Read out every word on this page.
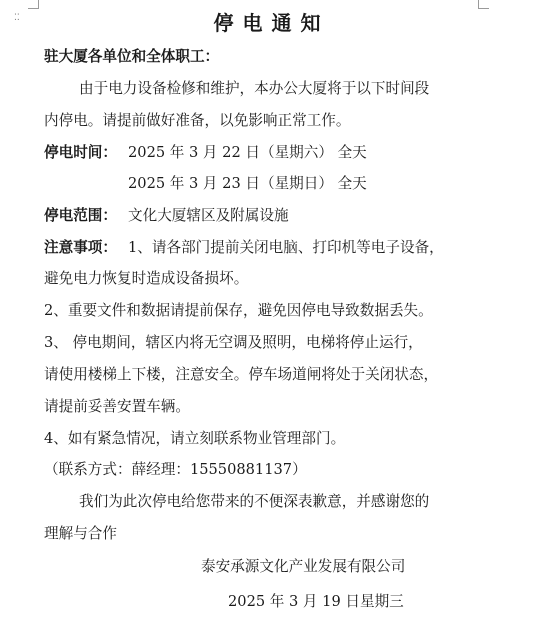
⁚⁚	停电通知
驻大厦各单位和全体职工：
由于电力设备检修和维护，本办公大厦将于以下时间段
内停电。请提前做好准备，以免影响正常工作。
停电时间： 2025 年 3 月 22 日（星期六） 全天
2025 年 3 月 23 日（星期日） 全天
停电范围： 文化大厦辖区及附属设施
注意事项： 1、请各部门提前关闭电脑、打印机等电子设备，
避免电力恢复时造成设备损坏。
2、重要文件和数据请提前保存，避免因停电导致数据丢失。
3、 停电期间，辖区内将无空调及照明，电梯将停止运行，
请使用楼梯上下楼，注意安全。停车场道闸将处于关闭状态，
请提前妥善安置车辆。
4、如有紧急情况，请立刻联系物业管理部门。
（联系方式：薛经理：15550881137）
我们为此次停电给您带来的不便深表歉意，并感谢您的
理解与合作
泰安承源文化产业发展有限公司
2025 年 3 月 19 日星期三
